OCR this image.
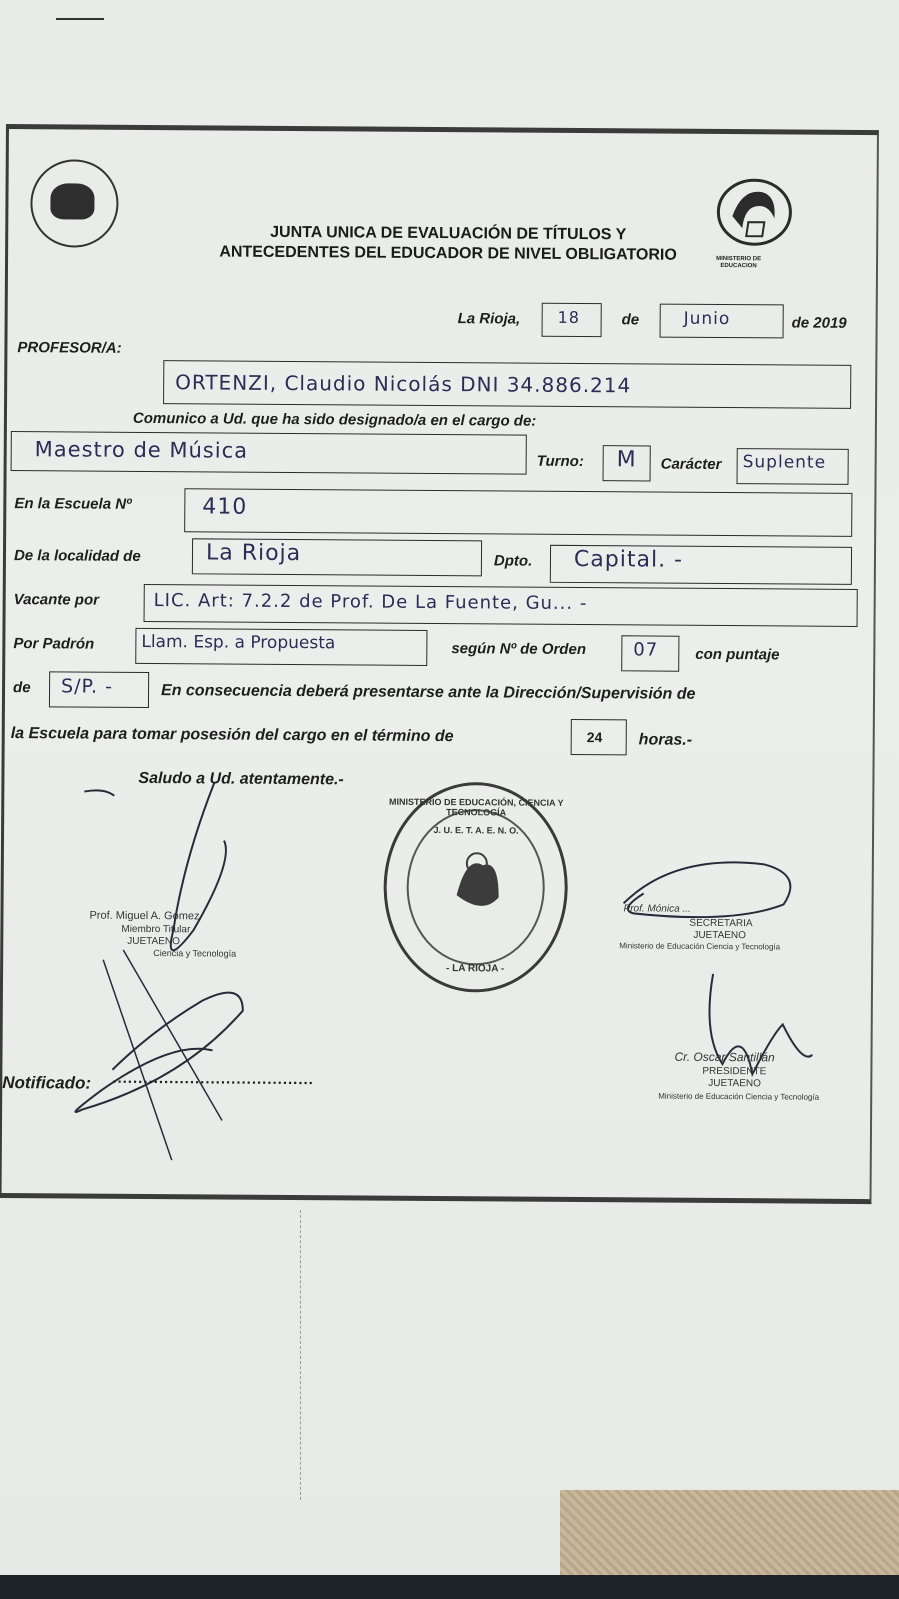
MINISTERIO DE
EDUCACION
JUNTA UNICA DE EVALUACIÓN DE TÍTULOS Y
ANTECEDENTES DEL EDUCADOR DE NIVEL OBLIGATORIO
La Rioja, 18	de	Junio	de 2019
PROFESOR/A:
ORTENZI, Claudio Nicolás DNI 34.886.214
Comunico a Ud. que ha sido designado/a en el cargo de:
Maestro de Música	Turno: M Carácter Suplente
En la Escuela Nº	410
De la localidad de	La Rioja	Dpto. Capital. -
Vacante por	LIC. Art: 7.2.2 de Prof. De La Fuente, Gu... -
Por Padrón	Llam. Esp. a Propuesta	según Nº de Orden	07 con puntaje
de S/P. -	En consecuencia deberá presentarse ante la Dirección/Supervisión de
la Escuela para tomar posesión del cargo en el término de	24 horas.-
Saludo a Ud. atentamente.-
Prof. Miguel A. Gomez
Miembro Titular
JUETAENO
Ciencia y Tecnología
MINISTERIO DE EDUCACIÓN, CIENCIA Y TECNOLOGÍA
J. U. E. T. A. E. N. O.
- LA RIOJA -
Prof. Mónica ...
SECRETARIA
JUETAENO
Ministerio de Educación Ciencia y Tecnología
Cr. Oscar Santillán
PRESIDENTE
JUETAENO
Ministerio de Educación Ciencia y Tecnología
Notificado: .......................................
